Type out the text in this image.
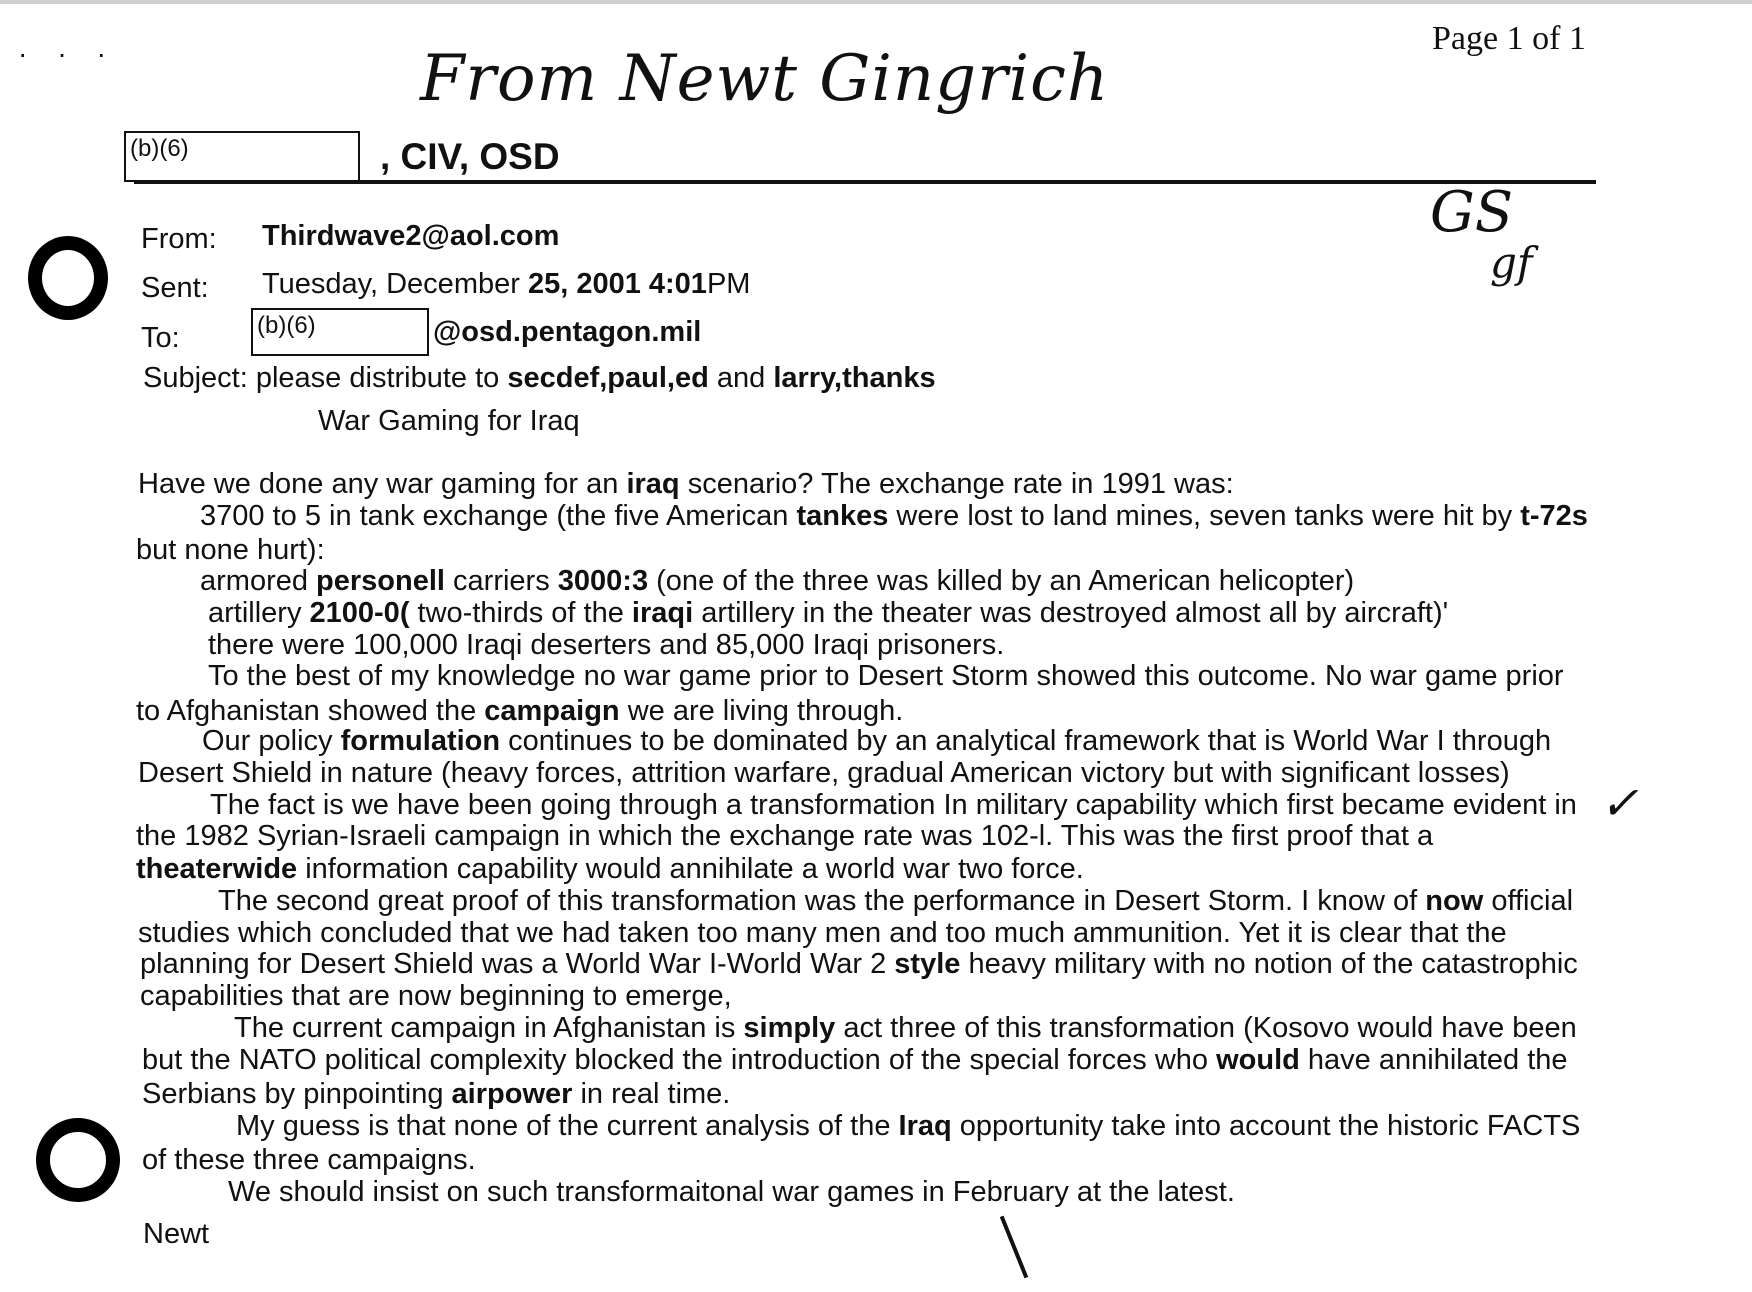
···	Page 1 of 1
From Newt Gingrich
(b)(6)	, CIV, OSD
GS
gf
From: Thirdwave2@aol.com
Sent: Tuesday, December 25, 2001 4:01PM
To:	(b)(6)	@osd.pentagon.mil
Subject: please distribute to secdef,paul,ed and larry,thanks
War Gaming for Iraq
Have we done any war gaming for an iraq scenario? The exchange rate in 1991 was:
3700 to 5 in tank exchange (the five American tankes were lost to land mines, seven tanks were hit by t-72s
but none hurt):
armored personell carriers 3000:3 (one of the three was killed by an American helicopter)
artillery 2100-0( two-thirds of the iraqi artillery in the theater was destroyed almost all by aircraft)'
there were 100,000 Iraqi deserters and 85,000 Iraqi prisoners.
To the best of my knowledge no war game prior to Desert Storm showed this outcome. No war game prior
to Afghanistan showed the campaign we are living through.
Our policy formulation continues to be dominated by an analytical framework that is World War I through
Desert Shield in nature (heavy forces, attrition warfare, gradual American victory but with significant losses)
The fact is we have been going through a transformation In military capability which first became evident in
the 1982 Syrian-Israeli campaign in which the exchange rate was 102-l. This was the first proof that a
theaterwide information capability would annihilate a world war two force.
The second great proof of this transformation was the performance in Desert Storm. I know of now official
studies which concluded that we had taken too many men and too much ammunition. Yet it is clear that the
planning for Desert Shield was a World War I-World War 2 style heavy military with no notion of the catastrophic
capabilities that are now beginning to emerge,
The current campaign in Afghanistan is simply act three of this transformation (Kosovo would have been
but the NATO political complexity blocked the introduction of the special forces who would have annihilated the
Serbians by pinpointing airpower in real time.
My guess is that none of the current analysis of the Iraq opportunity take into account the historic FACTS
of these three campaigns.
We should insist on such transformaitonal war games in February at the latest.
Newt
✓
